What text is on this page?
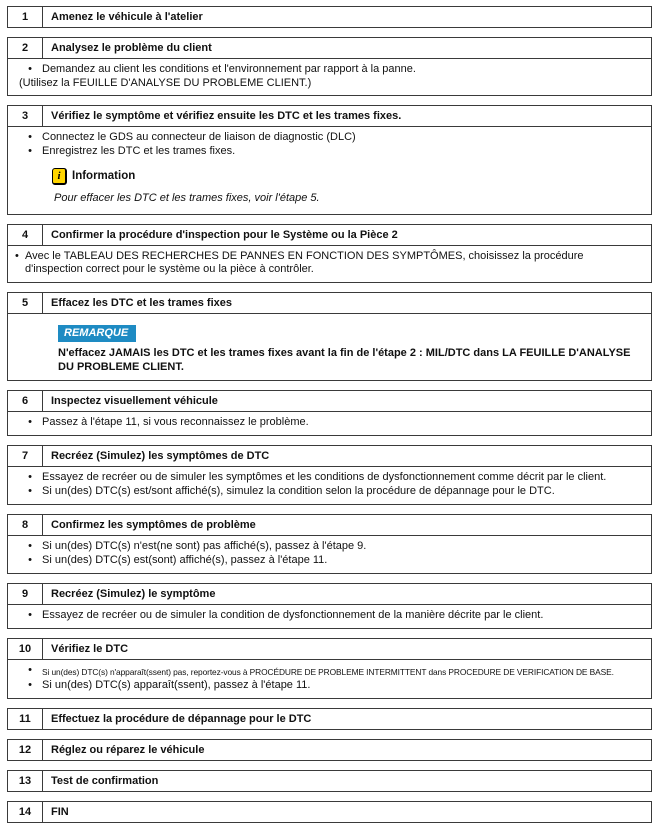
1	Amenez le véhicule à l'atelier
2	Analysez le problème du client
• Demandez au client les conditions et l'environnement par rapport à la panne.
(Utilisez la FEUILLE D'ANALYSE DU PROBLEME CLIENT.)
3	Vérifiez le symptôme et vérifiez ensuite les DTC et les trames fixes.
• Connectez le GDS au connecteur de liaison de diagnostic (DLC)
• Enregistrez les DTC et les trames fixes.
i Information
Pour effacer les DTC et les trames fixes, voir l'étape 5.
4	Confirmer la procédure d'inspection pour le Système ou la Pièce 2
• Avec le TABLEAU DES RECHERCHES DE PANNES EN FONCTION DES SYMPTÔMES, choisissez la procédure d'inspection correct pour le système ou la pièce à contrôler.
5	Effacez les DTC et les trames fixes
REMARQUE
N'effacez JAMAIS les DTC et les trames fixes avant la fin de l'étape 2 : MIL/DTC dans LA FEUILLE D'ANALYSE DU PROBLEME CLIENT.
6	Inspectez visuellement véhicule
• Passez à l'étape 11, si vous reconnaissez le problème.
7	Recréez (Simulez) les symptômes de DTC
• Essayez de recréer ou de simuler les symptômes et les conditions de dysfonctionnement comme décrit par le client.
• Si un(des) DTC(s) est/sont affiché(s), simulez la condition selon la procédure de dépannage pour le DTC.
8	Confirmez les symptômes de problème
• Si un(des) DTC(s) n'est(ne sont) pas affiché(s), passez à l'étape 9.
• Si un(des) DTC(s) est(sont) affiché(s), passez à l'étape 11.
9	Recréez (Simulez) le symptôme
• Essayez de recréer ou de simuler la condition de dysfonctionnement de la manière décrite par le client.
10	Vérifiez le DTC
•	Si un(des) DTC(s) n'apparaît(ssent) pas, reportez-vous à PROCÉDURE DE PROBLEME INTERMITTENT dans PROCEDURE DE VERIFICATION DE BASE.
• Si un(des) DTC(s) apparaît(ssent), passez à l'étape 11.
11	Effectuez la procédure de dépannage pour le DTC
12	Réglez ou réparez le véhicule
13	Test de confirmation
14	FIN
